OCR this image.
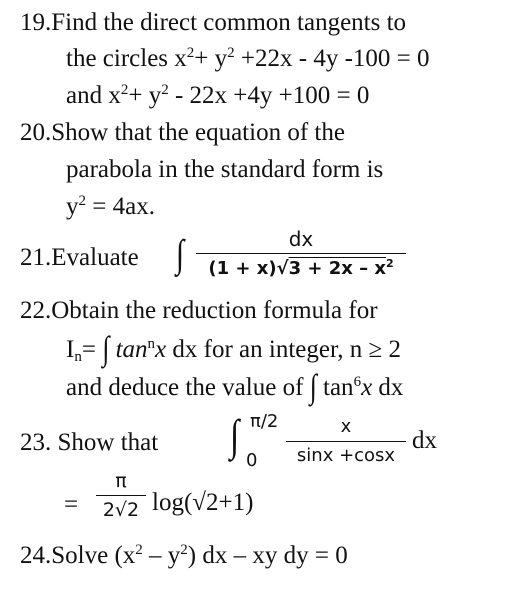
19.Find the direct common tangents to
the circles $x^2+ y^2 +22x - 4y$ -100 = 0
and $x^2+ y^2 - 22x +4y +100 = 0$
20.Show that the equation of the
parabola in the standard form is
$y^2 = 4ax$.
21.Evaluate ∫	dx
$(1 + x)√3 + 2x - x^2$
22.Obtain the reduction formula for
$I_n=$ ∫ $\tan^nx$ dx for an integer, n ≥ 2
and deduce the value of ∫ $\tan^6x$ dx
23. Show that ∫ π/2
0
x
sinx +cosx
dx
=
π
2√2 log(√2+1)
24.Solve $(x^2 - y^2)$ dx – xy dy = 0
